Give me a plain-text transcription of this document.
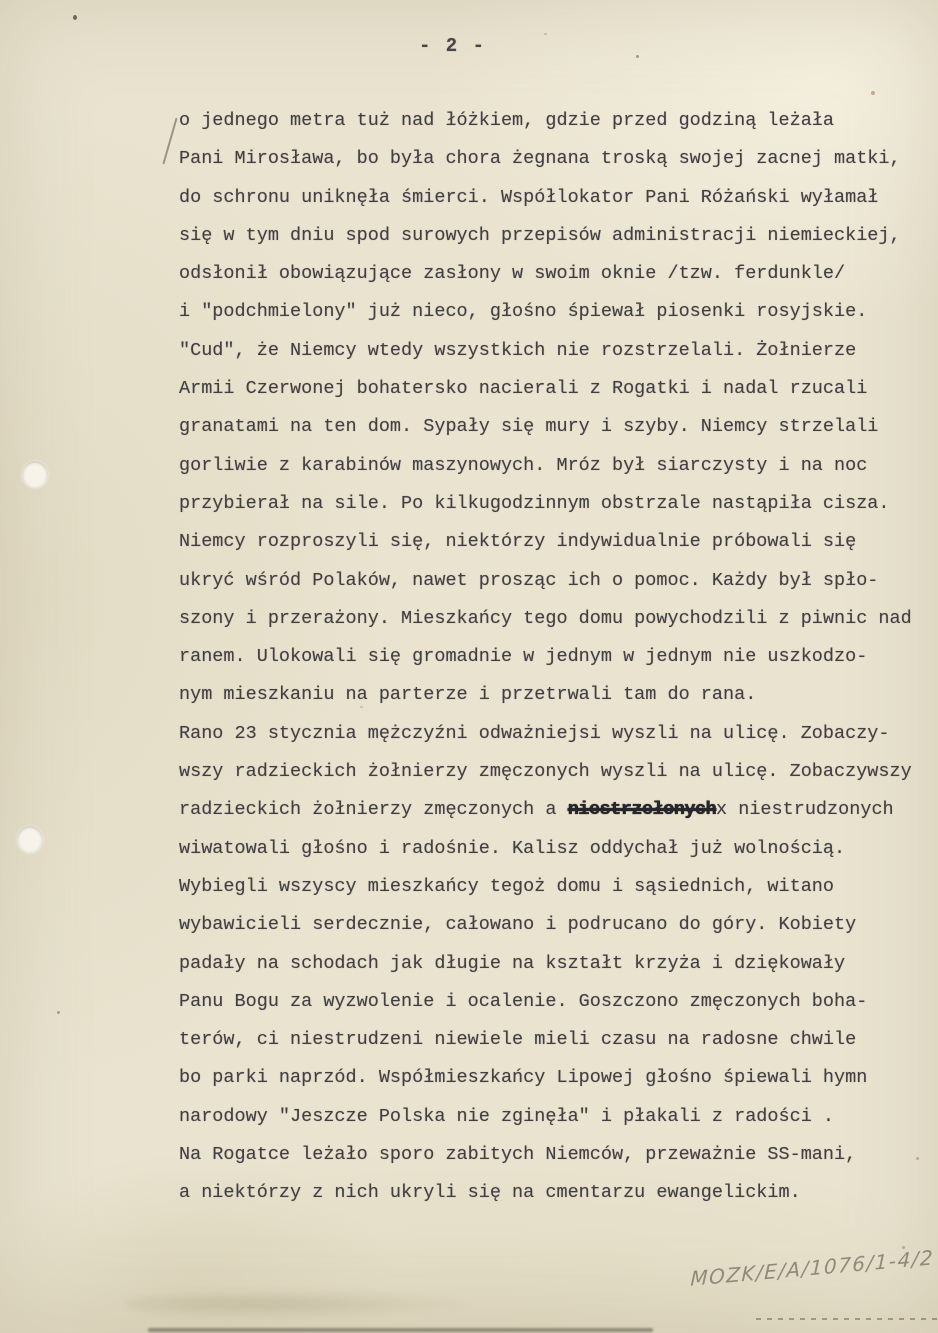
- 2 -
o jednego metra tuż nad łóżkiem, gdzie przed godziną leżała
Pani Mirosława, bo była chora żegnana troską swojej zacnej matki,
do schronu uniknęła śmierci. Współlokator Pani Różański wyłamał
się w tym dniu spod surowych przepisów administracji niemieckiej,
odsłonił obowiązujące zasłony w swoim oknie /tzw. ferdunkle/
i "podchmielony" już nieco, głośno śpiewał piosenki rosyjskie.
"Cud", że Niemcy wtedy wszystkich nie rozstrzelali. Żołnierze
Armii Czerwonej bohatersko nacierali z Rogatki i nadal rzucali
granatami na ten dom. Sypały się mury i szyby. Niemcy strzelali
gorliwie z karabinów maszynowych. Mróz był siarczysty i na noc
przybierał na sile. Po kilkugodzinnym obstrzale nastąpiła cisza.
Niemcy rozproszyli się, niektórzy indywidualnie próbowali się
ukryć wśród Polaków, nawet prosząc ich o pomoc. Każdy był spło-
szony i przerażony. Mieszkańcy tego domu powychodzili z piwnic nad
ranem. Ulokowali się gromadnie w jednym w jednym nie uszkodzo-
nym mieszkaniu na parterze i przetrwali tam do rana.
Rano 23 stycznia mężczyźni odważniejsi wyszli na ulicę. Zobaczy-
wszy radzieckich żołnierzy zmęczonych wyszli na ulicę. Zobaczywszy
radzieckich żołnierzy zmęczonych a niestrzełonychx niestrudzonych
wiwatowali głośno i radośnie. Kalisz oddychał już wolnością.
Wybiegli wszyscy mieszkańcy tegoż domu i sąsiednich, witano
wybawicieli serdecznie, całowano i podrucano do góry. Kobiety
padały na schodach jak długie na kształt krzyża i dziękowały
Panu Bogu za wyzwolenie i ocalenie. Goszczono zmęczonych boha-
terów, ci niestrudzeni niewiele mieli czasu na radosne chwile
bo parki naprzód. Współmieszkańcy Lipowej głośno śpiewali hymn
narodowy "Jeszcze Polska nie zginęła" i płakali z radości .
Na Rogatce leżało sporo zabitych Niemców, przeważnie SS-mani,
a niektórzy z nich ukryli się na cmentarzu ewangelickim.
MOZK/E/A/1076/1-4/2
